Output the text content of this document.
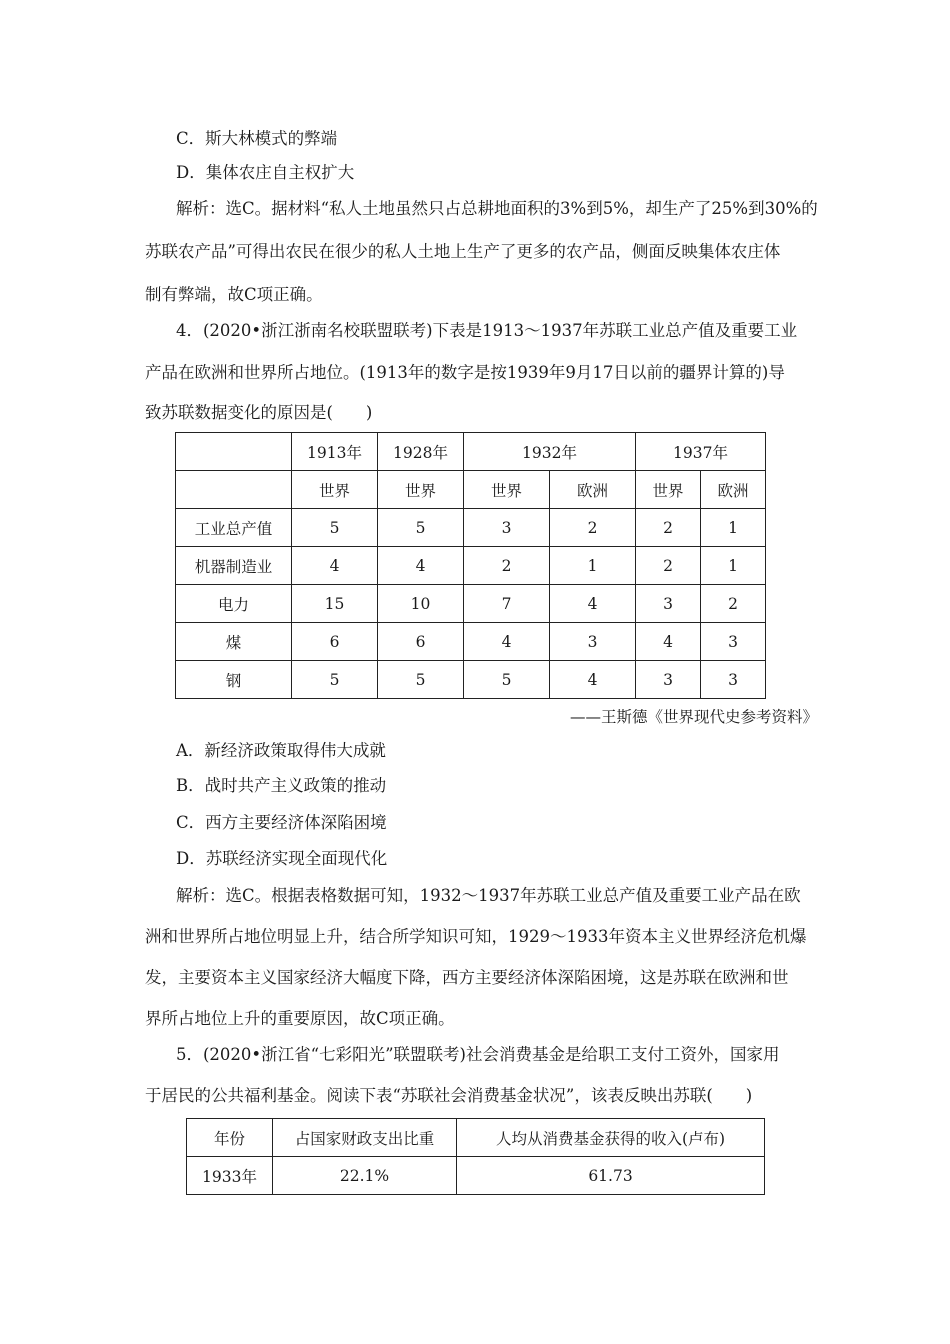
C．斯大林模式的弊端
D．集体农庄自主权扩大
解析：选C。据材料“私人土地虽然只占总耕地面积的3%到5%，却生产了25%到30%的
苏联农产品”可得出农民在很少的私人土地上生产了更多的农产品，侧面反映集体农庄体
制有弊端，故C项正确。
4．(2020•浙江浙南名校联盟联考)下表是1913～1937年苏联工业总产值及重要工业
产品在欧洲和世界所占地位。(1913年的数字是按1939年9月17日以前的疆界计算的)导
致苏联数据变化的原因是(　　)
	1913年	1928年	1932年		1937年	
	世界	世界	世界	欧洲	世界	欧洲
工业总产值	5	5	3	2	2	1
机器制造业	4	4	2	1	2	1
电力	15	10	7	4	3	2
煤	6	6	4	3	4	3
钢	5	5	5	4	3	3
——王斯德《世界现代史参考资料》
A．新经济政策取得伟大成就
B．战时共产主义政策的推动
C．西方主要经济体深陷困境
D．苏联经济实现全面现代化
解析：选C。根据表格数据可知，1932～1937年苏联工业总产值及重要工业产品在欧
洲和世界所占地位明显上升，结合所学知识可知，1929～1933年资本主义世界经济危机爆
发，主要资本主义国家经济大幅度下降，西方主要经济体深陷困境，这是苏联在欧洲和世
界所占地位上升的重要原因，故C项正确。
5．(2020•浙江省“七彩阳光”联盟联考)社会消费基金是给职工支付工资外，国家用
于居民的公共福利基金。阅读下表“苏联社会消费基金状况”，该表反映出苏联(　　)
年份	占国家财政支出比重	人均从消费基金获得的收入(卢布)
1933年	22.1%	61.73
